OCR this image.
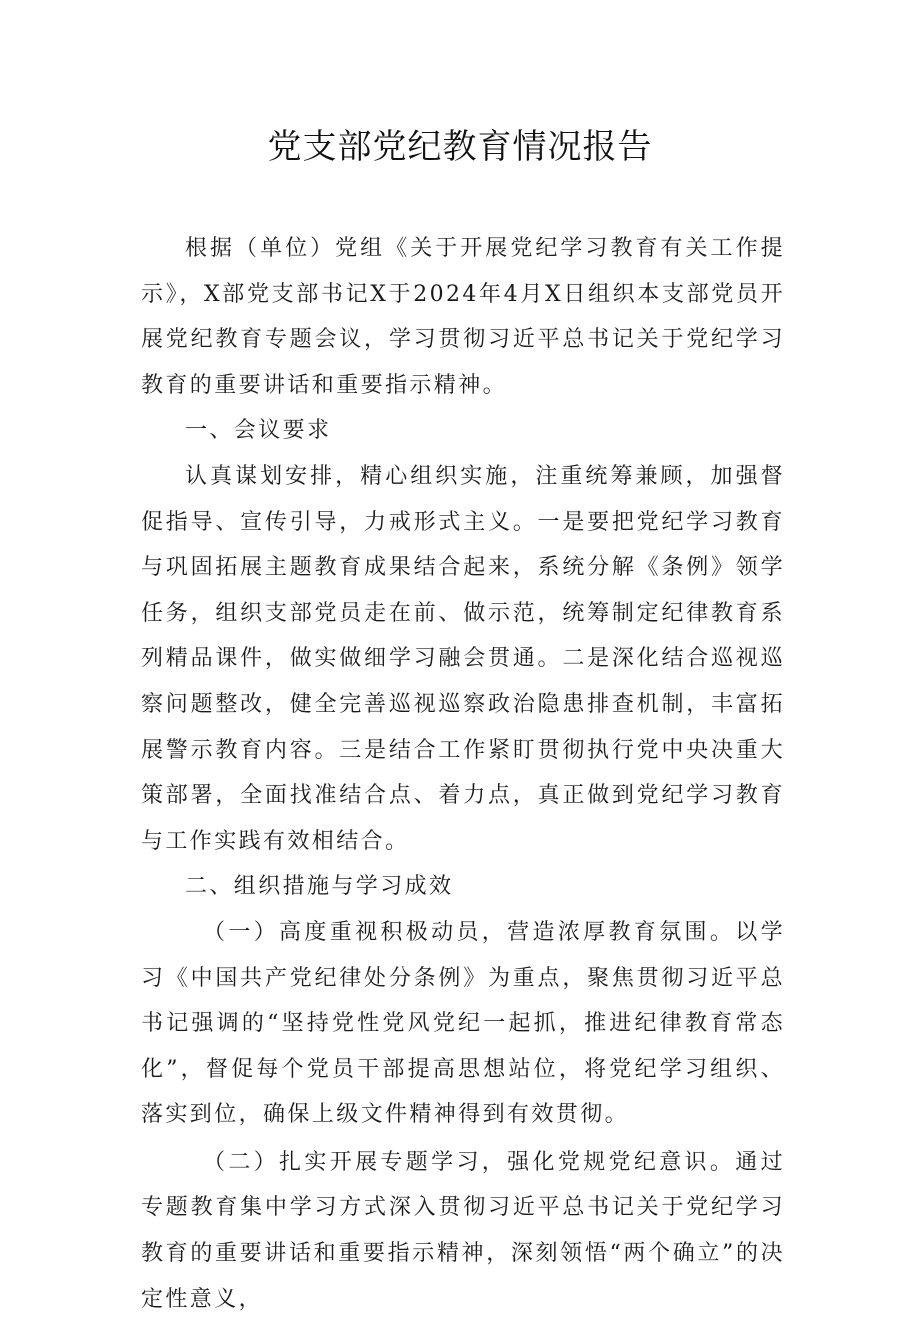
党支部党纪教育情况报告

根据（单位）党组《关于开展党纪学习教育有关工作提示》，X部党支部书记X于2024年4月X日组织本支部党员开展党纪教育专题会议，学习贯彻习近平总书记关于党纪学习教育的重要讲话和重要指示精神。

一、会议要求

认真谋划安排，精心组织实施，注重统筹兼顾，加强督促指导、宣传引导，力戒形式主义。一是要把党纪学习教育与巩固拓展主题教育成果结合起来，系统分解《条例》领学任务，组织支部党员走在前、做示范，统筹制定纪律教育系列精品课件，做实做细学习融会贯通。二是深化结合巡视巡察问题整改，健全完善巡视巡察政治隐患排查机制，丰富拓展警示教育内容。三是结合工作紧盯贯彻执行党中央决重大策部署，全面找准结合点、着力点，真正做到党纪学习教育与工作实践有效相结合。

二、组织措施与学习成效

（一）高度重视积极动员，营造浓厚教育氛围。以学习《中国共产党纪律处分条例》为重点，聚焦贯彻习近平总书记强调的“坚持党性党风党纪一起抓，推进纪律教育常态化”，督促每个党员干部提高思想站位，将党纪学习组织、落实到位，确保上级文件精神得到有效贯彻。

（二）扎实开展专题学习，强化党规党纪意识。通过专题教育集中学习方式深入贯彻习近平总书记关于党纪学习教育的重要讲话和重要指示精神，深刻领悟“两个确立”的决定性意义，
